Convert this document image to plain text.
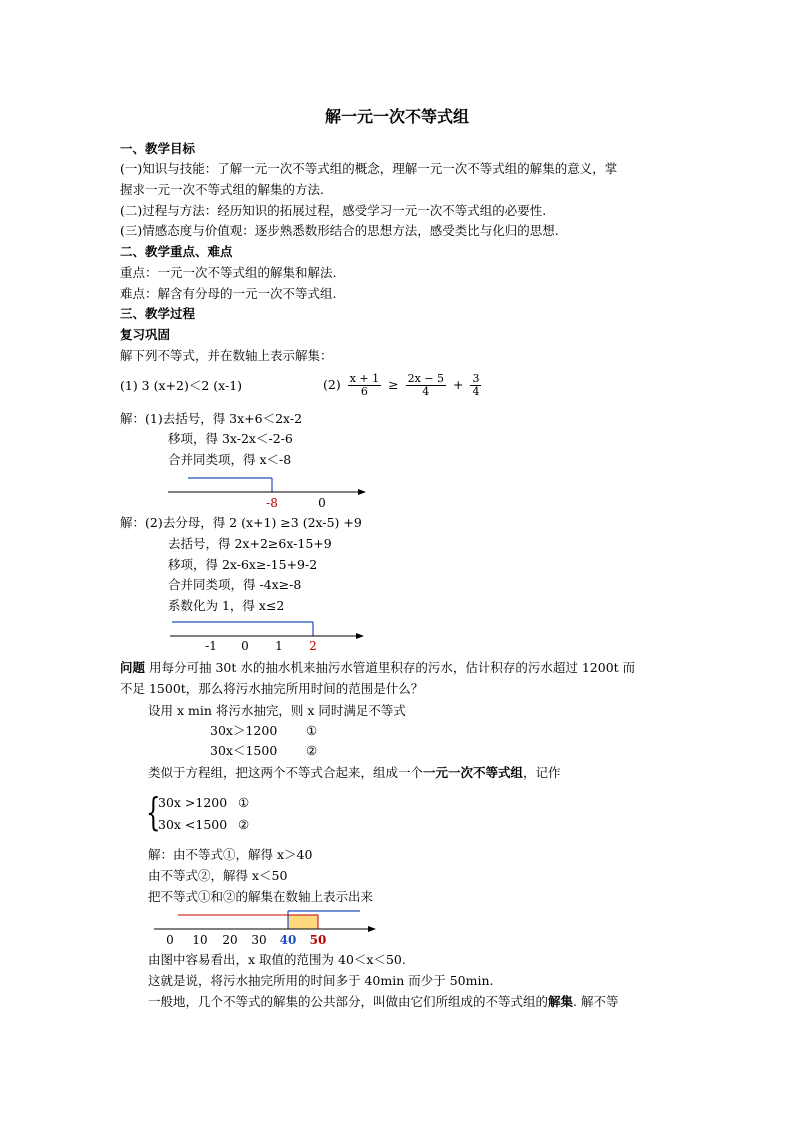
解一元一次不等式组
一、教学目标
(一)知识与技能：了解一元一次不等式组的概念，理解一元一次不等式组的解集的意义，掌
握求一元一次不等式组的解集的方法.
(二)过程与方法：经历知识的拓展过程，感受学习一元一次不等式组的必要性.
(三)情感态度与价值观：逐步熟悉数形结合的思想方法，感受类比与化归的思想.
二、教学重点、难点
重点：一元一次不等式组的解集和解法.
难点：解含有分母的一元一次不等式组.
三、教学过程
复习巩固
解下列不等式，并在数轴上表示解集：
(1) 3 (x+2)＜2 (x-1)	$(2) \frac{x + 1}{6} \ge \frac{2x - 5}{4} + \frac{3}{4}$
解：(1)去括号，得 3x+6＜2x-2
移项，得 3x-2x＜-2-6
合并同类项，得 x＜-8
-8	0
解：(2)去分母，得 2 (x+1) ≥3 (2x-5) +9
去括号，得 2x+2≥6x-15+9
移项，得 2x-6x≥-15+9-2
合并同类项，得 -4x≥-8
系数化为 1，得 x≤2
-1 0 1 2
问题 用每分可抽 30t 水的抽水机来抽污水管道里积存的污水，估计积存的污水超过 1200t 而
不足 1500t，那么将污水抽完所用时间的范围是什么？
设用 x min 将污水抽完，则 x 同时满足不等式
30x＞1200 ①
30x＜1500 ②
类似于方程组，把这两个不等式合起来，组成一个一元一次不等式组，记作
{
30x >1200 ①
30x <1500 ②
解：由不等式①，解得 x＞40
由不等式②，解得 x＜50
把不等式①和②的解集在数轴上表示出来
0 10 20 30 40 50
由图中容易看出，x 取值的范围为 40＜x＜50.
这就是说，将污水抽完所用的时间多于 40min 而少于 50min.
一般地，几个不等式的解集的公共部分，叫做由它们所组成的不等式组的解集. 解不等
